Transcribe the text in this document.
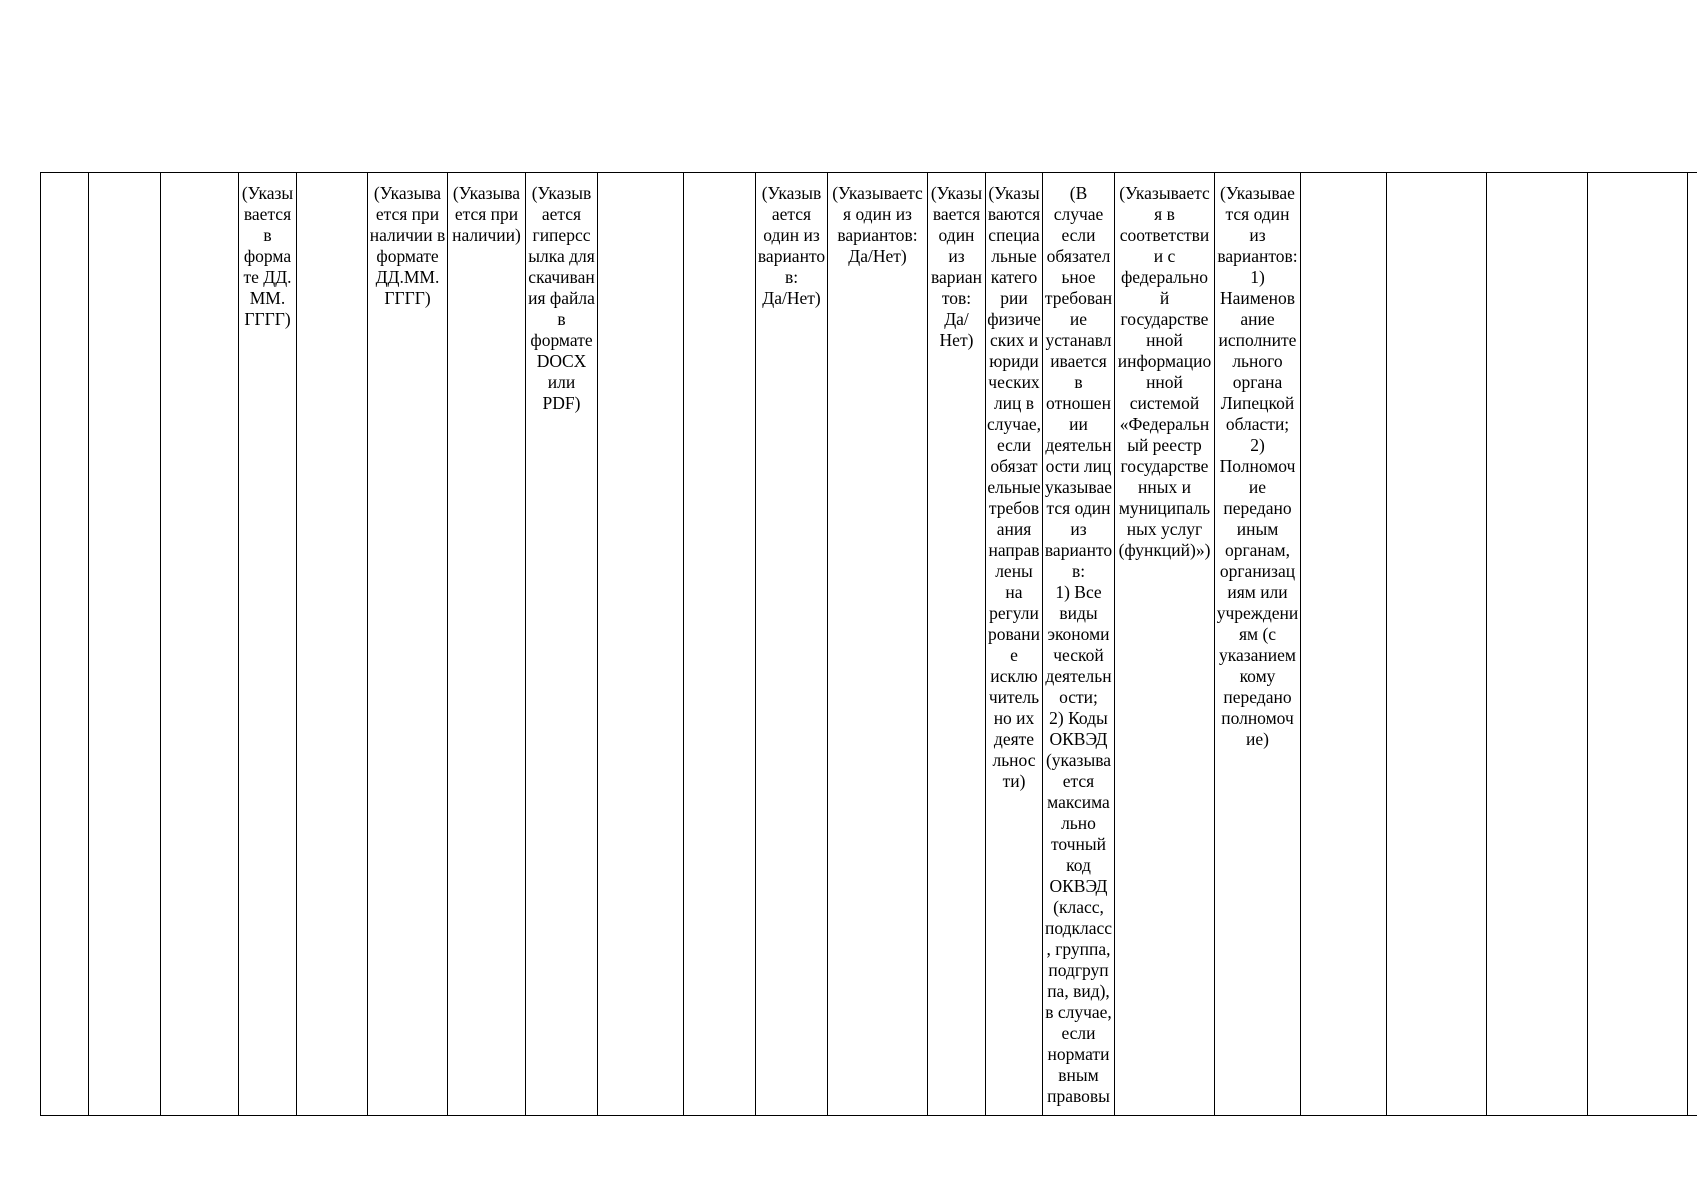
			(Указы
вается
в
форма
те ДД.
ММ.
ГГГГ)		(Указыва
ется при
наличии в
формате
ДД.ММ.
ГГГГ)	(Указыва
ется при
наличии)	(Указыв
ается
гиперсс
ылка для
скачиван
ия файла
в
формате
DOCX
или
PDF)			(Указыв
ается
один из
варианто
в:
Да/Нет)	(Указываетс
я один из
вариантов:
Да/Нет)	(Указы
вается
один
из
вариан
тов:
Да/
Нет)	(Указы
ваются
специа
льные
катего
рии
физиче
ских и
юриди
ческих
лиц в
случае,
если
обязат
ельные
требов
ания
направ
лены
на
регули
ровани
е
исклю
читель
но их
деяте
льнос
ти)	(В
случае
если
обязател
ьное
требован
ие
устанавл
ивается
в
отношен
ии
деятельн
ости лиц
указывае
тся один
из
варианто
в:
1) Все
виды
экономи
ческой
деятельн
ости;
2) Коды
ОКВЭД
(указыва
ется
максима
льно
точный
код
ОКВЭД
(класс,
подкласс
, группа,
подгруп
па, вид),
в случае,
если
нормати
вным
правовы	(Указываетс
я в
соответстви
и с
федерально
й
государстве
нной
информацио
нной
системой
«Федеральн
ый реестр
государстве
нных и
муниципаль
ных услуг
(функций)»)	(Указывае
тся один
из
вариантов:
1)
Наименов
ание
исполните
льного
органа
Липецкой
области;
2)
Полномоч
ие
передано
иным
органам,
организац
иям или
учреждени
ям (с
указанием
кому
передано
полномоч
ие)					
